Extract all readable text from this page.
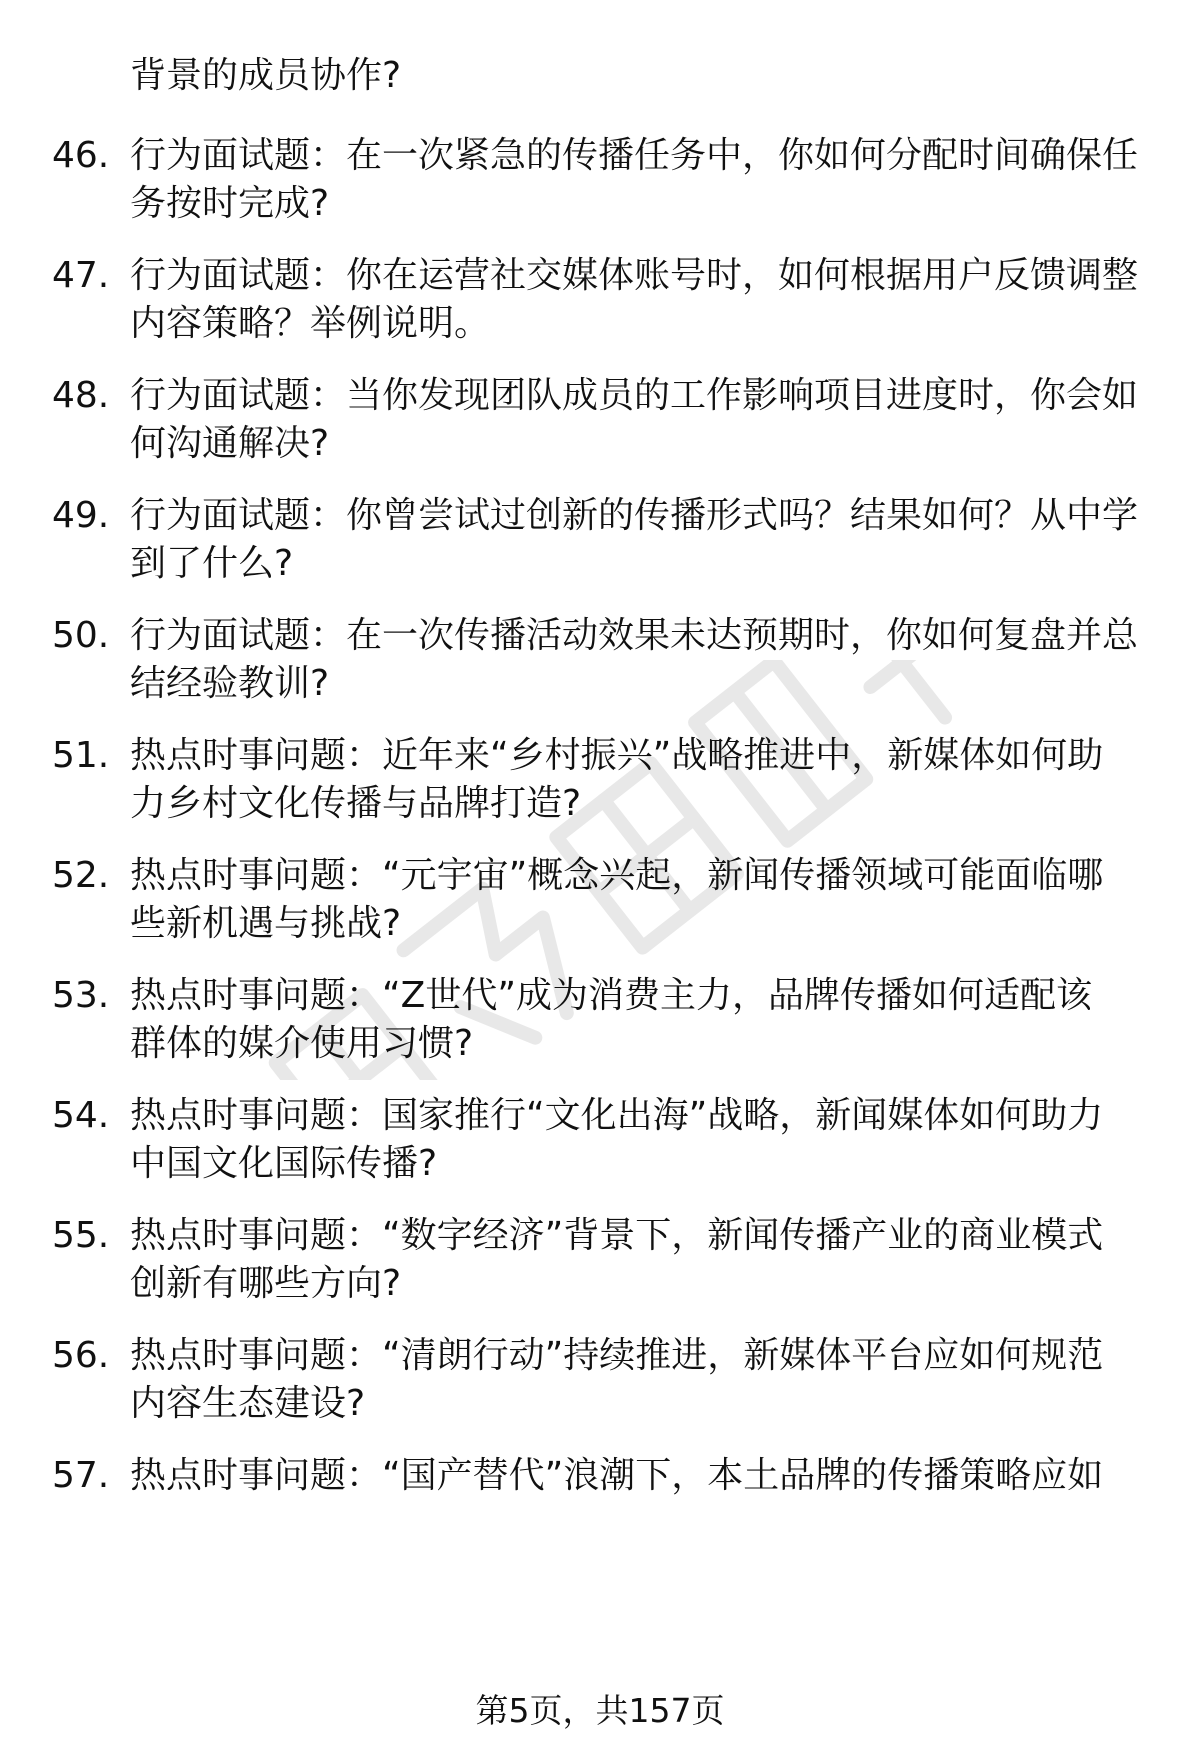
背景的成员协作?
46. 行为面试题：在一次紧急的传播任务中，你如何分配时间确保任
务按时完成?
47. 行为面试题：你在运营社交媒体账号时，如何根据用户反馈调整
内容策略？举例说明。
48. 行为面试题：当你发现团队成员的工作影响项目进度时，你会如
何沟通解决?
49. 行为面试题：你曾尝试过创新的传播形式吗？结果如何？从中学
到了什么?
50. 行为面试题：在一次传播活动效果未达预期时，你如何复盘并总
结经验教训?
51. 热点时事问题：近年来“乡村振兴”战略推进中，新媒体如何助
力乡村文化传播与品牌打造?
52. 热点时事问题：“元宇宙”概念兴起，新闻传播领域可能面临哪
些新机遇与挑战?
53. 热点时事问题：“Z世代”成为消费主力，品牌传播如何适配该
群体的媒介使用习惯?
54. 热点时事问题：国家推行“文化出海”战略，新闻媒体如何助力
中国文化国际传播?
55. 热点时事问题：“数字经济”背景下，新闻传播产业的商业模式
创新有哪些方向?
56. 热点时事问题：“清朗行动”持续推进，新媒体平台应如何规范
内容生态建设?
57. 热点时事问题：“国产替代”浪潮下，本土品牌的传播策略应如
第5页，共157页
